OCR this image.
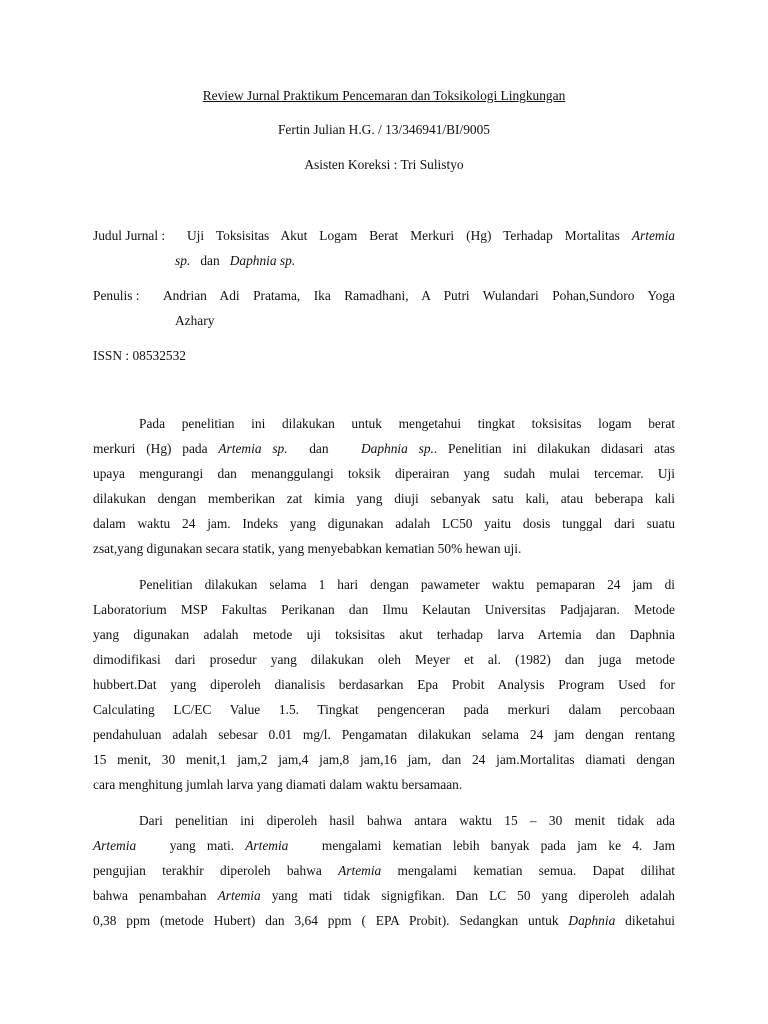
Review Jurnal Praktikum Pencemaran dan Toksikologi Lingkungan
Fertin Julian H.G. / 13/346941/BI/9005
Asisten Koreksi : Tri Sulistyo
Judul Jurnal : Uji Toksisitas Akut Logam Berat Merkuri (Hg) Terhadap Mortalitas Artemia
sp. dan Daphnia sp.
Penulis : Andrian Adi Pratama, Ika Ramadhani, A Putri Wulandari Pohan,Sundoro Yoga
Azhary
ISSN : 08532532
Pada penelitian ini dilakukan untuk mengetahui tingkat toksisitas logam berat
merkuri (Hg) pada Artemia sp. dan Daphnia sp.. Penelitian ini dilakukan didasari atas
upaya mengurangi dan menanggulangi toksik diperairan yang sudah mulai tercemar. Uji
dilakukan dengan memberikan zat kimia yang diuji sebanyak satu kali, atau beberapa kali
dalam waktu 24 jam. Indeks yang digunakan adalah LC50 yaitu dosis tunggal dari suatu
zsat,yang digunakan secara statik, yang menyebabkan kematian 50% hewan uji.
Penelitian dilakukan selama 1 hari dengan pawameter waktu pemaparan 24 jam di
Laboratorium MSP Fakultas Perikanan dan Ilmu Kelautan Universitas Padjajaran. Metode
yang digunakan adalah metode uji toksisitas akut terhadap larva Artemia dan Daphnia
dimodifikasi dari prosedur yang dilakukan oleh Meyer et al. (1982) dan juga metode
hubbert.Dat yang diperoleh dianalisis berdasarkan Epa Probit Analysis Program Used for
Calculating LC/EC Value 1.5. Tingkat pengenceran pada merkuri dalam percobaan
pendahuluan adalah sebesar 0.01 mg/l. Pengamatan dilakukan selama 24 jam dengan rentang
15 menit, 30 menit,1 jam,2 jam,4 jam,8 jam,16 jam, dan 24 jam.Mortalitas diamati dengan
cara menghitung jumlah larva yang diamati dalam waktu bersamaan.
Dari penelitian ini diperoleh hasil bahwa antara waktu 15 – 30 menit tidak ada
Artemia	yang mati. Artemia	mengalami kematian lebih banyak pada jam ke 4. Jam
pengujian terakhir diperoleh bahwa Artemia mengalami kematian semua. Dapat dilihat
bahwa penambahan Artemia yang mati tidak signigfikan. Dan LC 50 yang diperoleh adalah
0,38 ppm (metode Hubert) dan 3,64 ppm ( EPA Probit). Sedangkan untuk Daphnia diketahui
